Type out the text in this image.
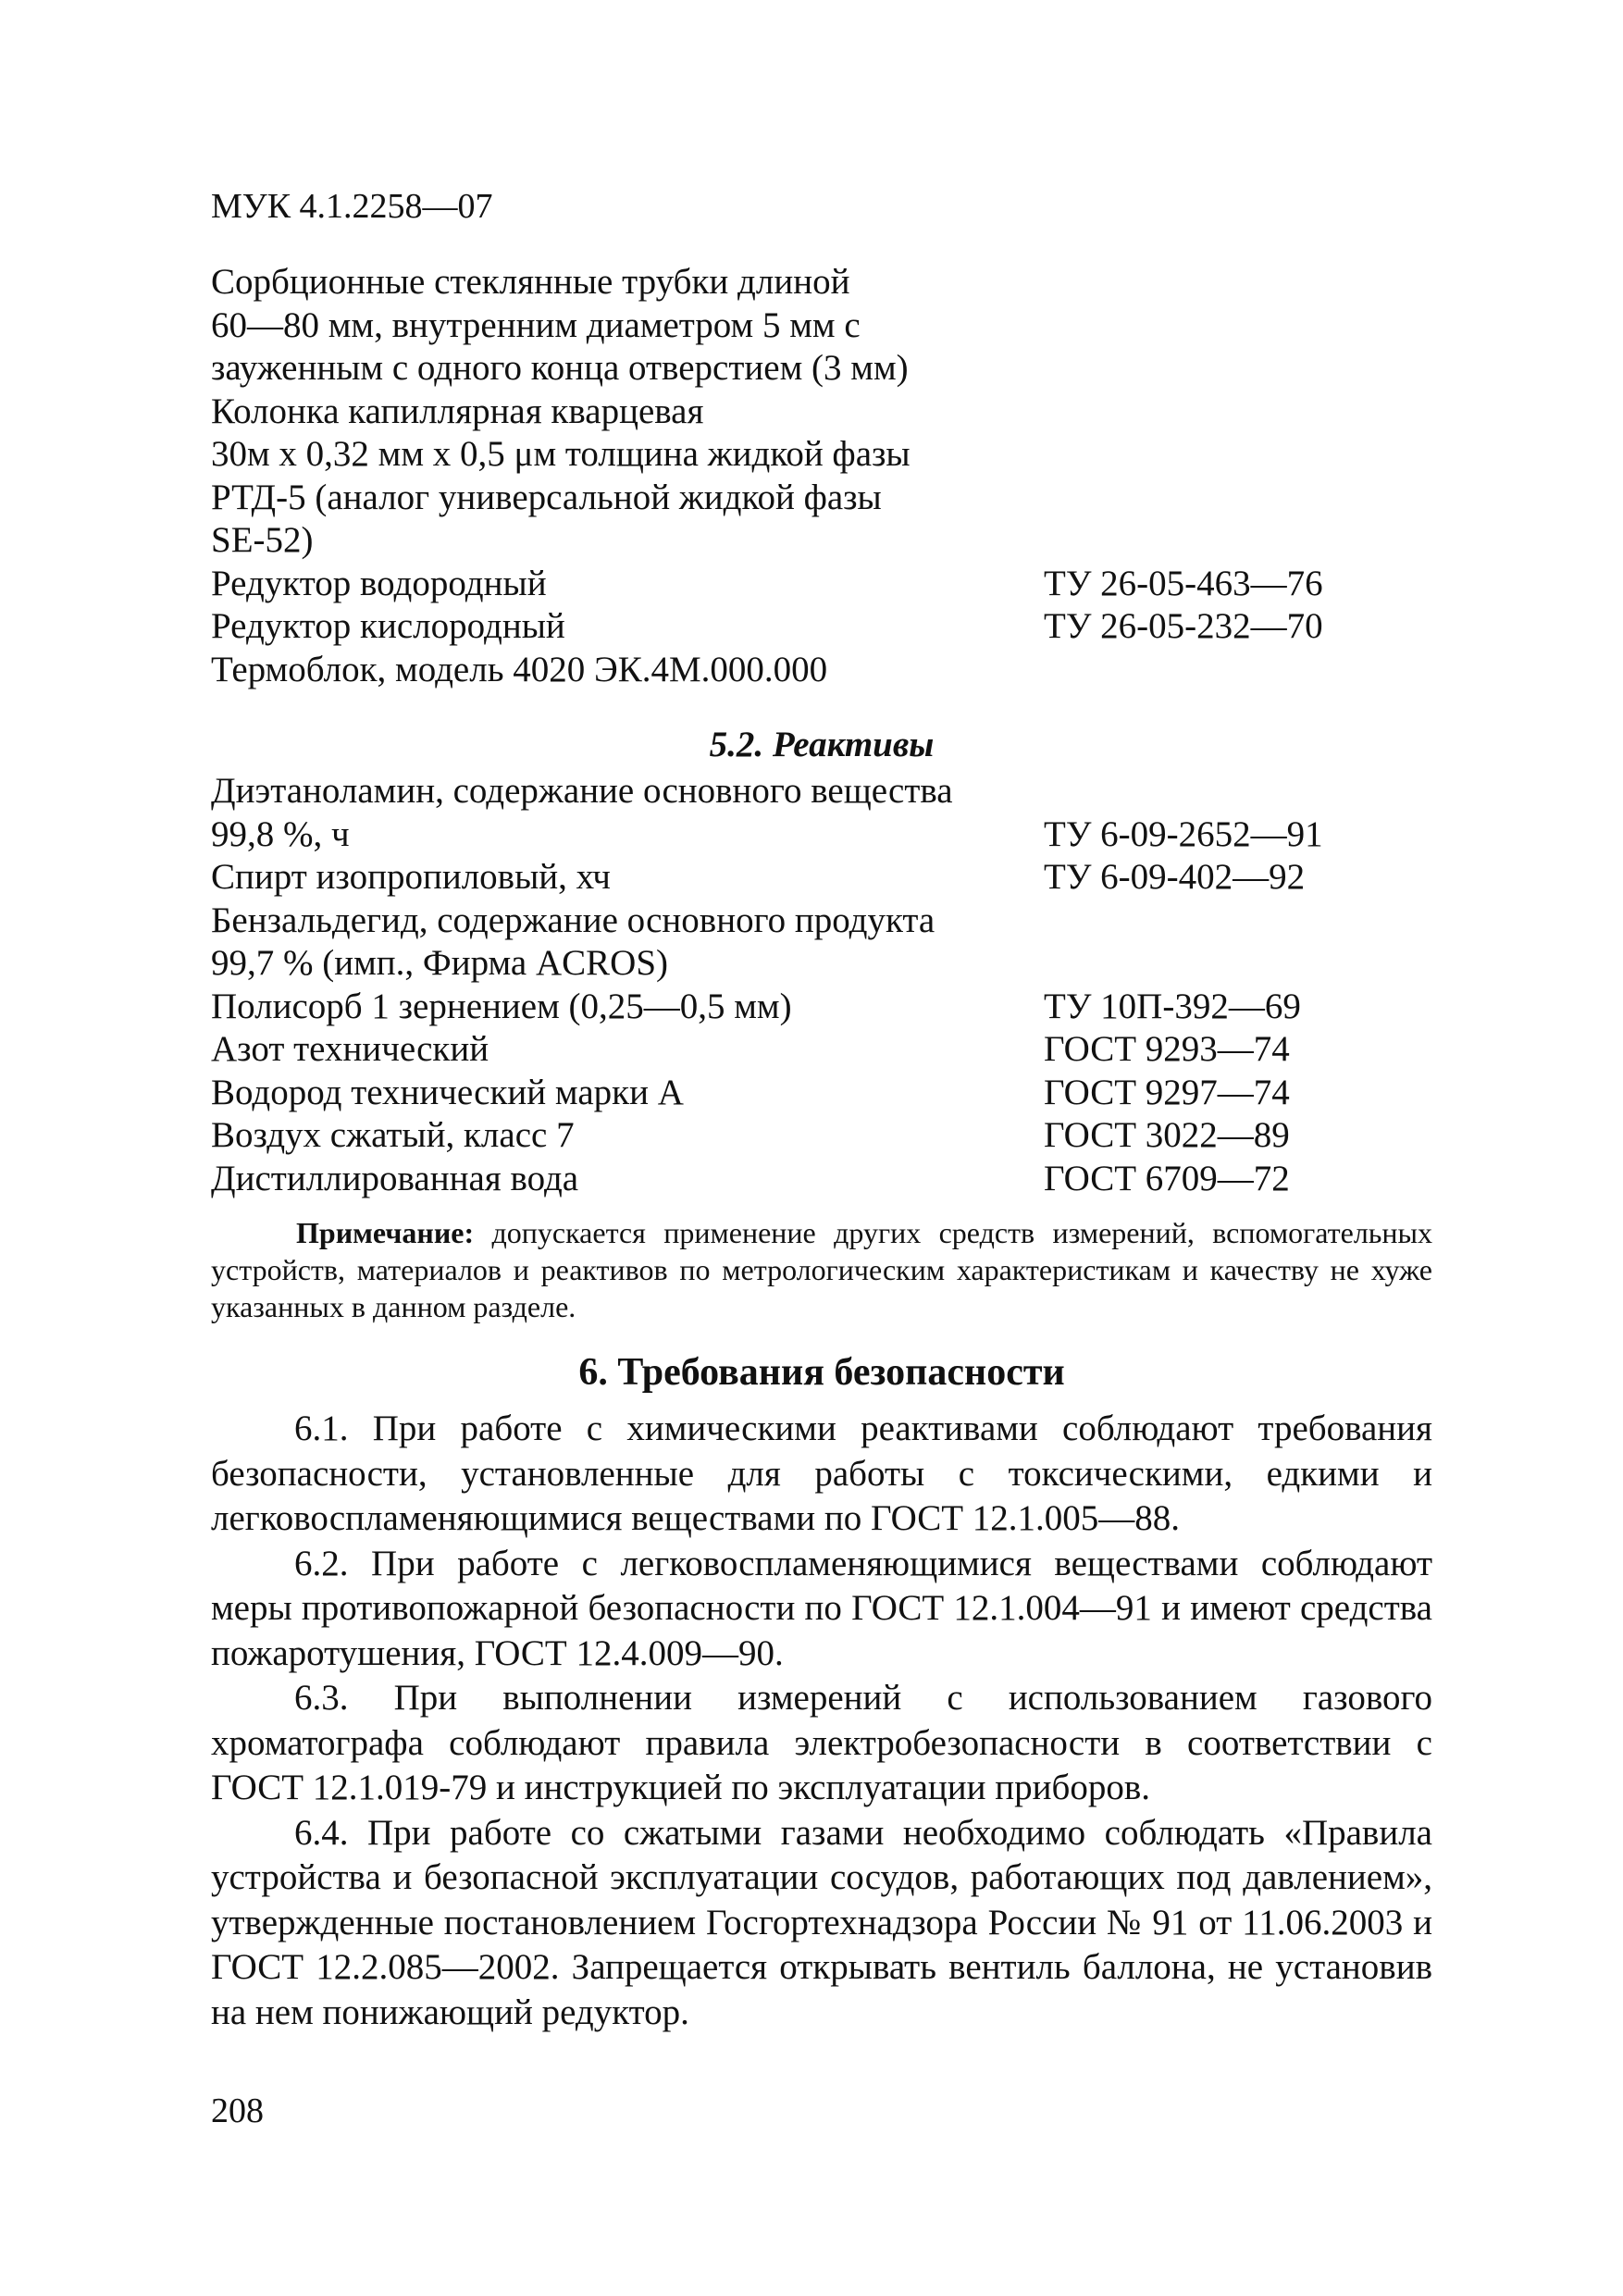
МУК 4.1.2258—07
Сорбционные стеклянные трубки длиной
60—80 мм, внутренним диаметром 5 мм с
зауженным с одного конца отверстием (3 мм)
Колонка капиллярная кварцевая
30м х 0,32 мм х 0,5 μм толщина жидкой фазы
РТД-5 (аналог универсальной жидкой фазы
SE-52)
Редуктор водородный	ТУ 26-05-463—76
Редуктор кислородный	ТУ 26-05-232—70
Термоблок, модель 4020 ЭК.4М.000.000
5.2. Реактивы
Диэтаноламин, содержание основного вещества
99,8 %, ч	ТУ 6-09-2652—91
Спирт изопропиловый, хч	ТУ 6-09-402—92
Бензальдегид, содержание основного продукта
99,7 % (имп., Фирма ACROS)
Полисорб 1 зернением (0,25—0,5 мм)	ТУ 10П-392—69
Азот технический	ГОСТ 9293—74
Водород технический марки А	ГОСТ 9297—74
Воздух сжатый, класс 7	ГОСТ 3022—89
Дистиллированная вода	ГОСТ 6709—72
Примечание: допускается применение других средств измерений, вспомогательных устройств, материалов и реактивов по метрологическим характеристикам и качеству не хуже указанных в данном разделе.
6. Требования безопасности

6.1. При работе с химическими реактивами соблюдают требования безопасности, установленные для работы с токсическими, едкими и легковоспламеняющимися веществами по ГОСТ 12.1.005—88.

6.2. При работе с легковоспламеняющимися веществами соблюдают меры противопожарной безопасности по ГОСТ 12.1.004—91 и имеют средства пожаротушения, ГОСТ 12.4.009—90.

6.3. При выполнении измерений с использованием газового хроматографа соблюдают правила электробезопасности в соответствии с ГОСТ 12.1.019-79 и инструкцией по эксплуатации приборов.

6.4. При работе со сжатыми газами необходимо соблюдать «Правила устройства и безопасной эксплуатации сосудов, работающих под давлением», утвержденные постановлением Госгортехнадзора России № 91 от 11.06.2003 и ГОСТ 12.2.085—2002. Запрещается открывать вентиль баллона, не установив на нем понижающий редуктор.

208
